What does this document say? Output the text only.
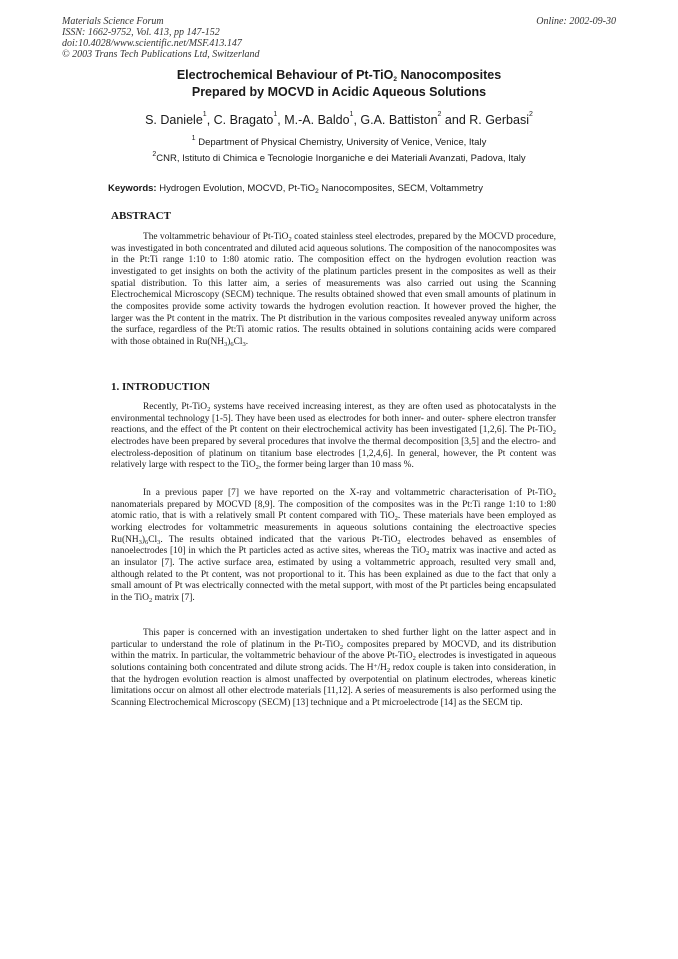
Materials Science Forum
ISSN: 1662-9752, Vol. 413, pp 147-152
doi:10.4028/www.scientific.net/MSF.413.147
© 2003 Trans Tech Publications Ltd, Switzerland
Online: 2002-09-30
Electrochemical Behaviour of Pt-TiO$_2$ Nanocomposites
Prepared by MOCVD in Acidic Aqueous Solutions
S. Daniele$^1$, C. Bragato$^1$, M.-A. Baldo$^1$, G.A. Battiston$^2$ and R. Gerbasi$^2$
$^1$ Department of Physical Chemistry, University of Venice, Venice, Italy
$^2$CNR, Istituto di Chimica e Tecnologie Inorganiche e dei Materiali Avanzati, Padova, Italy
Keywords: Hydrogen Evolution, MOCVD, Pt-TiO$_2$ Nanocomposites, SECM, Voltammetry
ABSTRACT
The voltammetric behaviour of Pt-TiO$_2$ coated stainless steel electrodes, prepared by the MOCVD procedure, was investigated in both concentrated and diluted acid aqueous solutions. The composition of the nanocomposites was in the Pt:Ti range 1:10 to 1:80 atomic ratio. The composition effect on the hydrogen evolution reaction was investigated to get insights on both the activity of the platinum particles present in the composites as well as their spatial distribution. To this latter aim, a series of measurements was also carried out using the Scanning Electrochemical Microscopy (SECM) technique. The results obtained showed that even small amounts of platinum in the composites provide some activity towards the hydrogen evolution reaction. It however proved the higher, the larger was the Pt content in the matrix. The Pt distribution in the various composites revealed anyway uniform across the surface, regardless of the Pt:Ti atomic ratios. The results obtained in solutions containing acids were compared with those obtained in $Ru(NH_3)_6Cl_3$.
1. INTRODUCTION
Recently, Pt-TiO$_2$ systems have received increasing interest, as they are often used as photocatalysts in the environmental technology [1-5]. They have been used as electrodes for both inner- and outer- sphere electron transfer reactions, and the effect of the Pt content on their electrochemical activity has been investigated [1,2,6]. The Pt-TiO$_2$ electrodes have been prepared by several procedures that involve the thermal decomposition [3,5] and the electro- and electroless-deposition of platinum on titanium base electrodes [1,2,4,6]. In general, however, the Pt content was relatively large with respect to the TiO$_2$, the former being larger than 10 mass %.
In a previous paper [7] we have reported on the X-ray and voltammetric characterisation of Pt-TiO$_2$ nanomaterials prepared by MOCVD [8,9]. The composition of the composites was in the Pt:Ti range 1:10 to 1:80 atomic ratio, that is with a relatively small Pt content compared with TiO$_2$. These materials have been employed as working electrodes for voltammetric measurements in aqueous solutions containing the electroactive species $Ru(NH_3)_6Cl_3$. The results obtained indicated that the various Pt-TiO$_2$ electrodes behaved as ensembles of nanoelectrodes [10] in which the Pt particles acted as active sites, whereas the TiO$_2$ matrix was inactive and acted as an insulator [7]. The active surface area, estimated by using a voltammetric approach, resulted very small and, although related to the Pt content, was not proportional to it. This has been explained as due to the fact that only a small amount of Pt was electrically connected with the metal support, with most of the Pt particles being encapsulated in the TiO$_2$ matrix [7].
This paper is concerned with an investigation undertaken to shed further light on the latter aspect and in particular to understand the role of platinum in the Pt-TiO$_2$ composites prepared by MOCVD, and its distribution within the matrix. In particular, the voltammetric behaviour of the above Pt-TiO$_2$ electrodes is investigated in aqueous solutions containing both concentrated and dilute strong acids. The $H^+/H_2$ redox couple is taken into consideration, in that the hydrogen evolution reaction is almost unaffected by overpotential on platinum electrodes, whereas kinetic limitations occur on almost all other electrode materials [11,12]. A series of measurements is also performed using the Scanning Electrochemical Microscopy (SECM) [13] technique and a Pt microelectrode [14] as the SECM tip.
